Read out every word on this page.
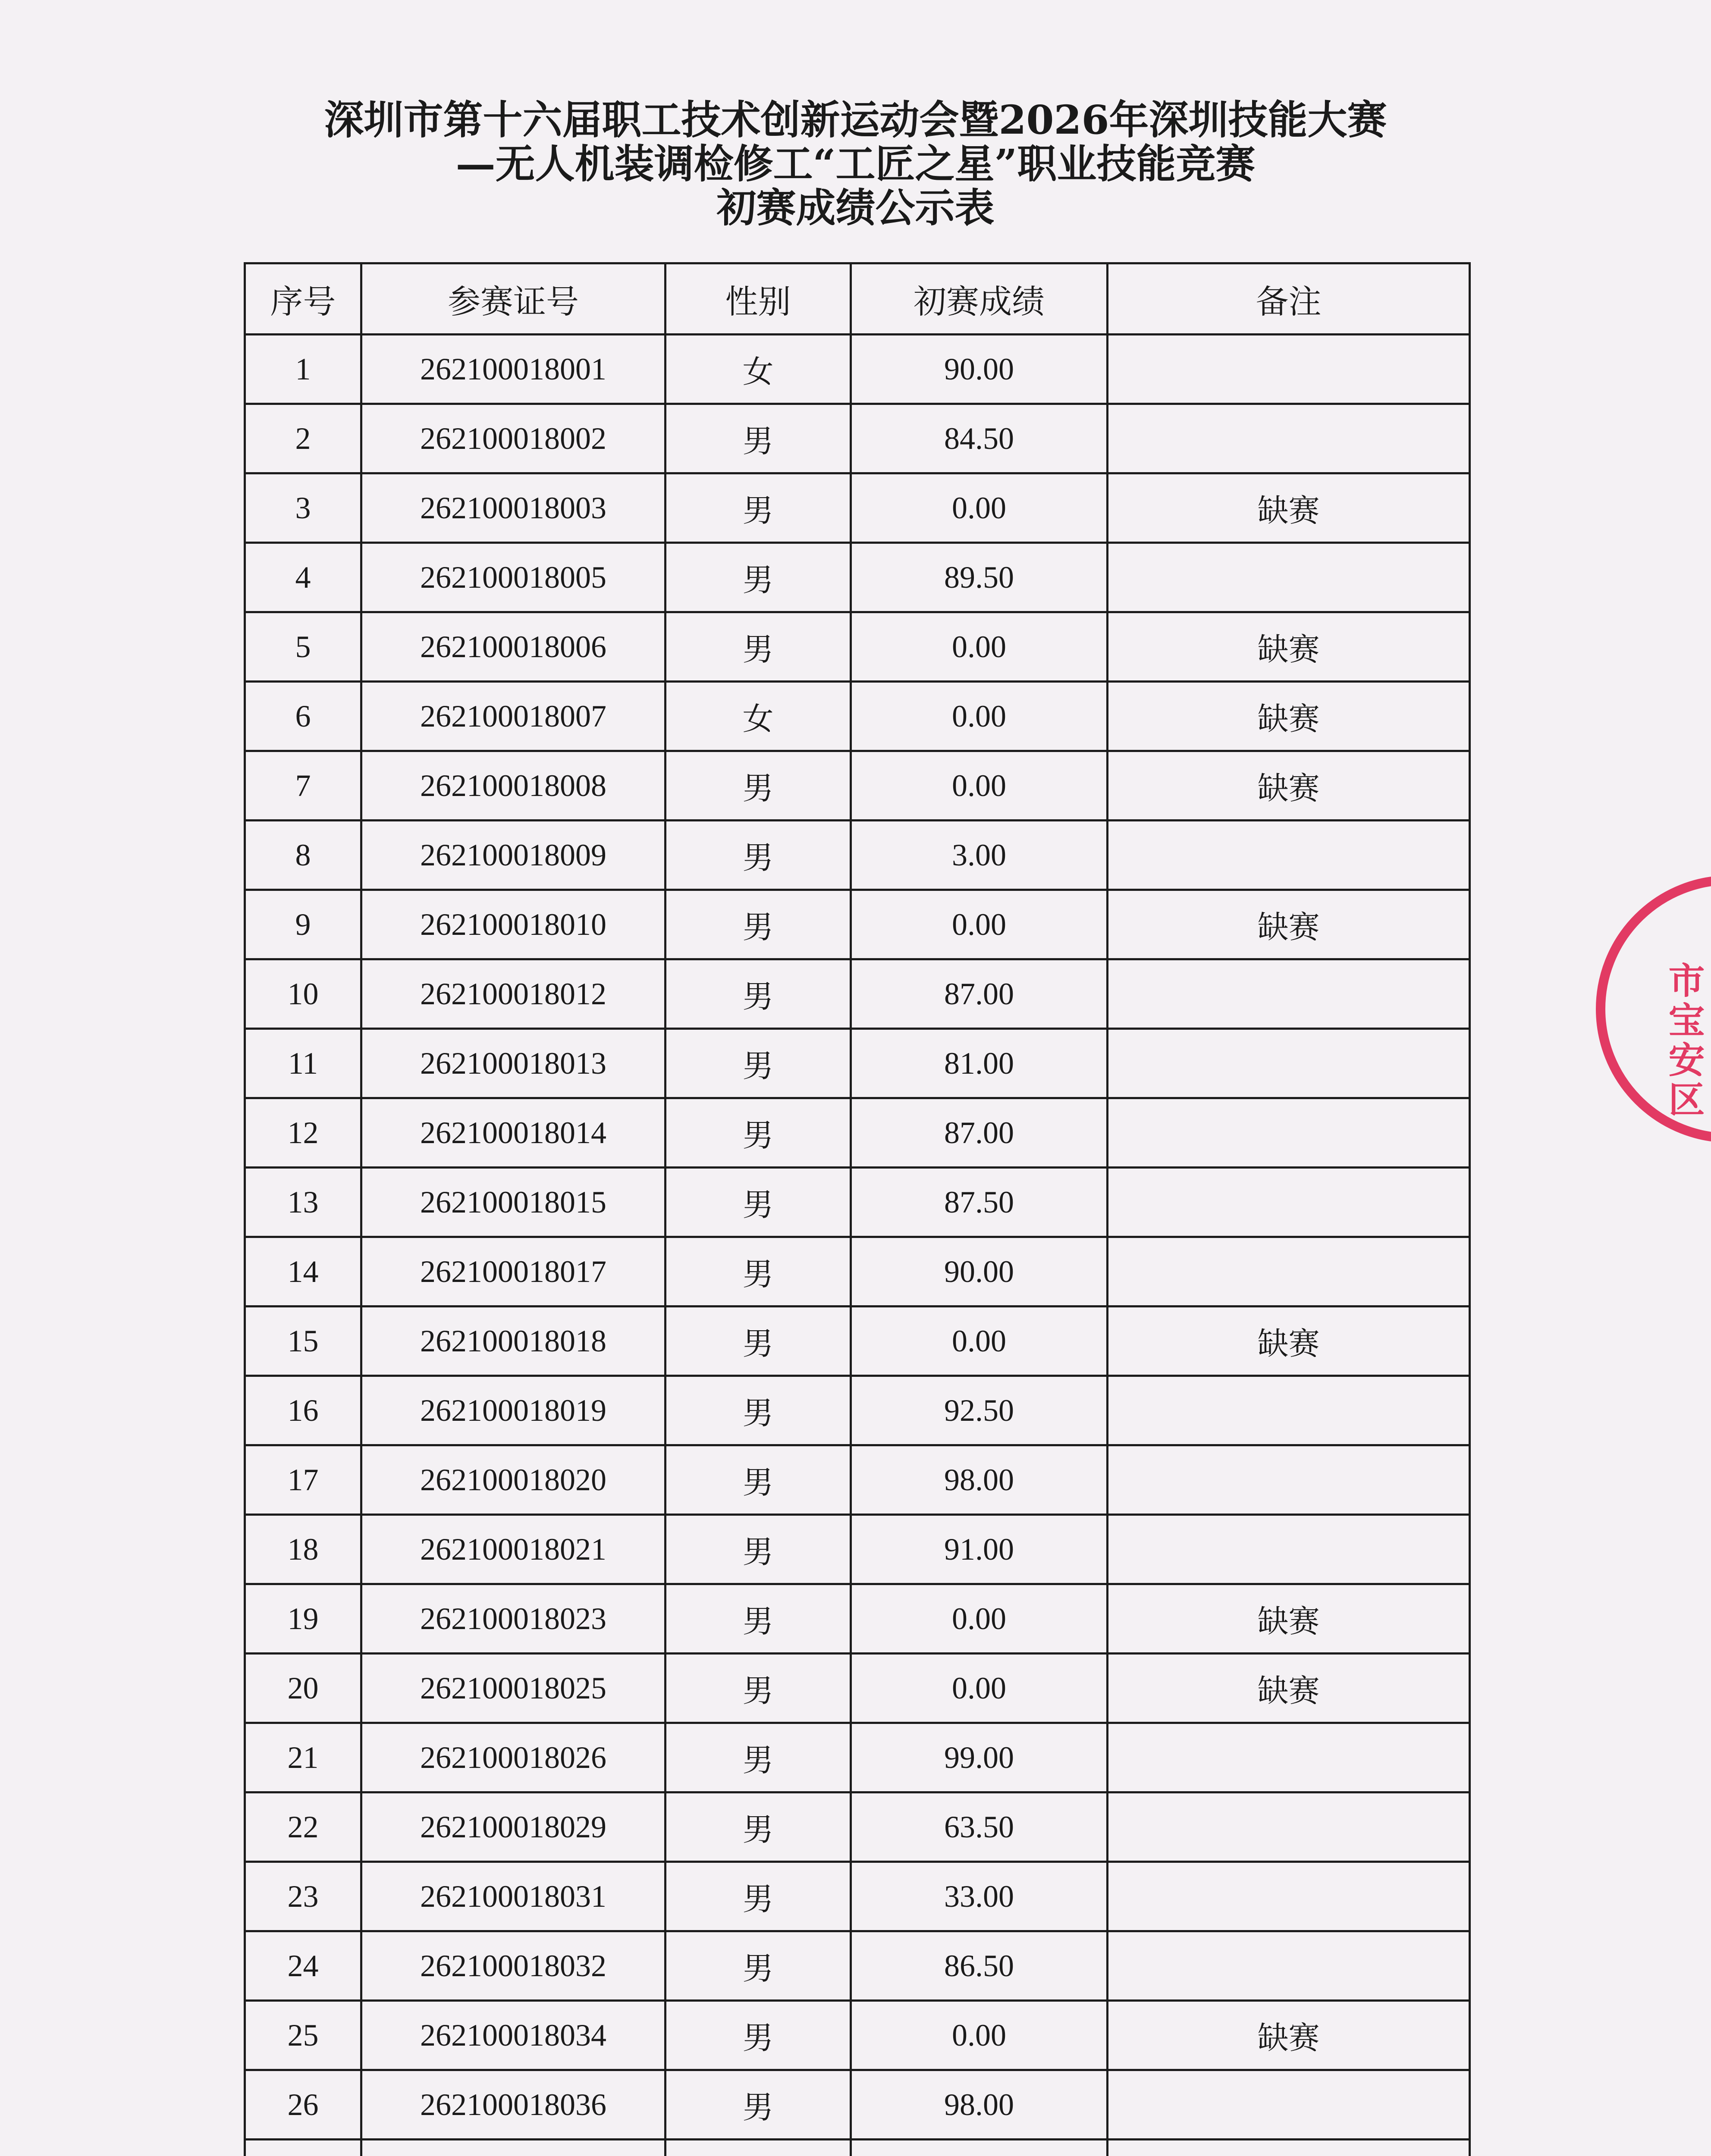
深圳市第十六届职工技术创新运动会暨2026年深圳技能大赛
—无人机装调检修工“工匠之星”职业技能竞赛
初赛成绩公示表
序号	参赛证号	性别	初赛成绩	备注
1	262100018001	女	90.00	
2	262100018002	男	84.50	
3	262100018003	男	0.00	缺赛
4	262100018005	男	89.50	
5	262100018006	男	0.00	缺赛
6	262100018007	女	0.00	缺赛
7	262100018008	男	0.00	缺赛
8	262100018009	男	3.00	
9	262100018010	男	0.00	缺赛
10	262100018012	男	87.00	
11	262100018013	男	81.00	
12	262100018014	男	87.00	
13	262100018015	男	87.50	
14	262100018017	男	90.00	
15	262100018018	男	0.00	缺赛
16	262100018019	男	92.50	
17	262100018020	男	98.00	
18	262100018021	男	91.00	
19	262100018023	男	0.00	缺赛
20	262100018025	男	0.00	缺赛
21	262100018026	男	99.00	
22	262100018029	男	63.50	
23	262100018031	男	33.00	
24	262100018032	男	86.50	
25	262100018034	男	0.00	缺赛
26	262100018036	男	98.00	

市宝安区
